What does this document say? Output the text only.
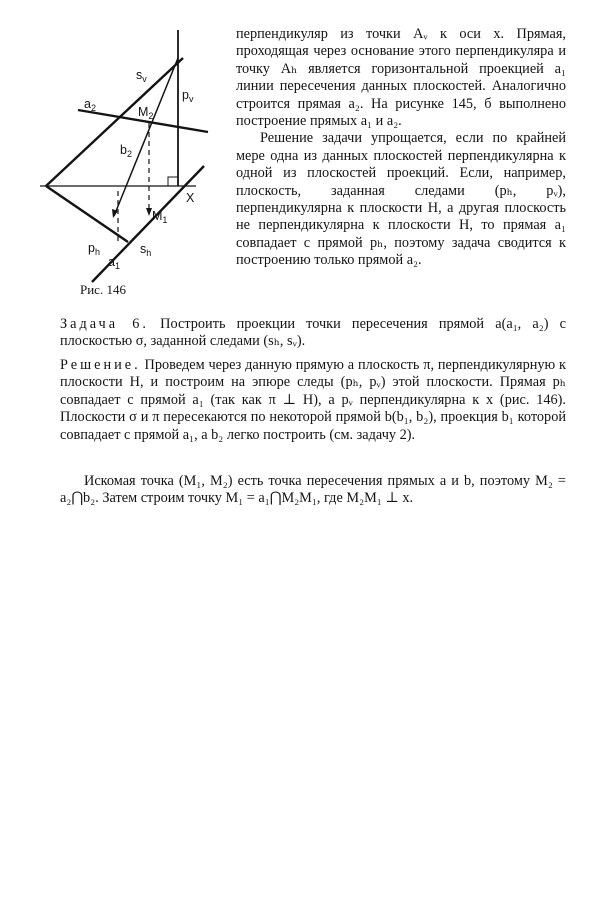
$s_v$
$p_v$
$a_2$	$M_2$
$b_2$
X
$M_1$
$p_h$	$s_h$
$a_1$
Рис. 146

перпендикуляр из точки Aᵥ к оси x. Прямая, проходящая через основание этого перпендикуляра и точку Aₕ является горизонтальной проекцией a₁ линии пересечения данных плоскостей. Аналогично строится прямая a₂. На рисунке 145, б выполнено построение прямых a₁ и a₂.

Решение задачи упрощается, если по крайней мере одна из данных плоскостей перпендикулярна к одной из плоскостей проекций. Если, например, плоскость, заданная следами (pₕ, pᵥ), перпендикулярна к плоскости H, а другая плоскость не перпендикулярна к плоскости H, то прямая a₁ совпадает с прямой pₕ, поэтому задача сводится к построению только прямой a₂.

Задача 6. Построить проекции точки пересечения прямой a(a₁, a₂) с плоскостью σ, заданной следами (sₕ, sᵥ).

Решение. Проведем через данную прямую a плоскость π, перпендикулярную к плоскости H, и построим на эпюре следы (pₕ, pᵥ) этой плоскости. Прямая pₕ совпадает с прямой a₁ (так как π ⊥ H), а pᵥ перпендикулярна к x (рис. 146). Плоскости σ и π пересекаются по некоторой прямой b(b₁, b₂), проекция b₁ которой совпадает с прямой a₁, а b₂ легко построить (см. задачу 2).

Искомая точка (M₁, M₂) есть точка пересечения прямых a и b, поэтому M₂ = a₂⋂b₂. Затем строим точку M₁ = a₁⋂M₂M₁, где M₂M₁ ⊥ x.
